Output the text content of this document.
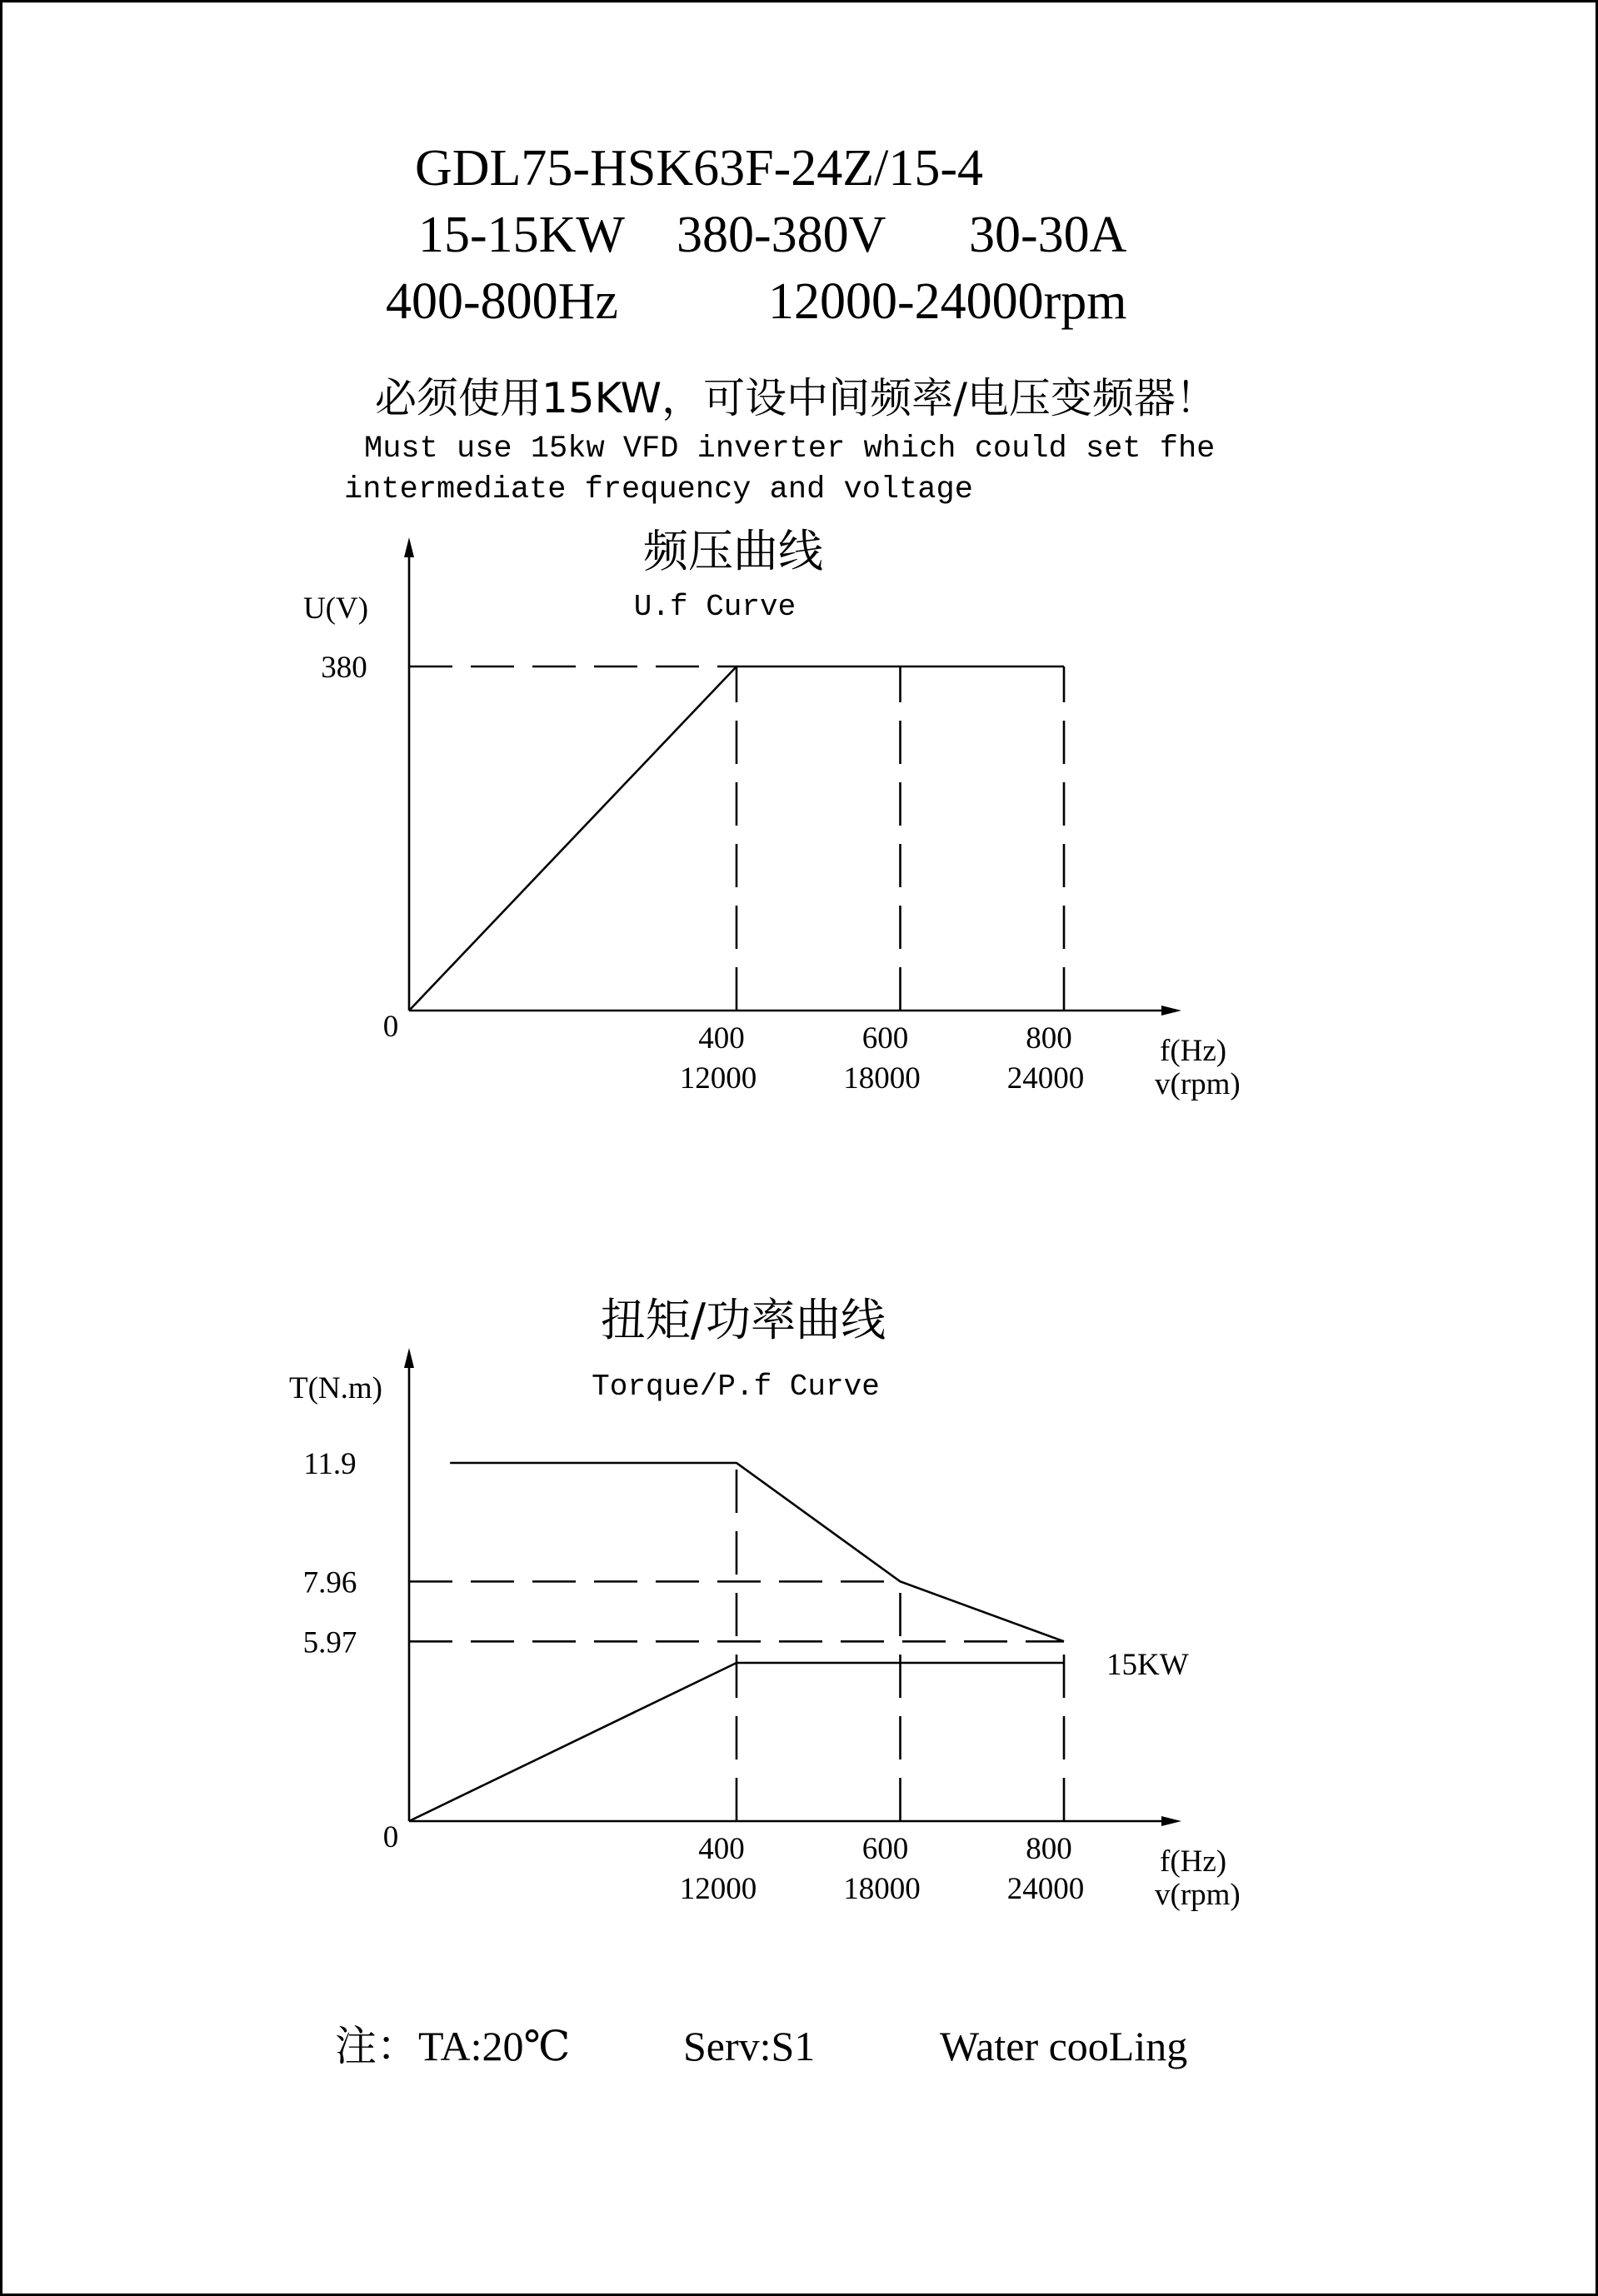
GDL75-HSK63F-24Z/15-4
15-15KW 380-380V 30-30A
400-800Hz	12000-24000rpm
必须使用15KW，可设中间频率/电压变频器！
Must use 15kw VFD inverter which could set fhe
intermediate frequency and voltage
频压曲线
U.f Curve
U(V)
0
f(Hz)
v(rpm)
380
400
12000
600
18000
800
24000
扭矩/功率曲线
Torque/P.f Curve
T(N.m)
0
f(Hz)
v(rpm)
15KW
11.9
7.96
5.97
400
12000
600
18000
800
24000
注：TA:20℃	Serv:S1	Water cooLing
